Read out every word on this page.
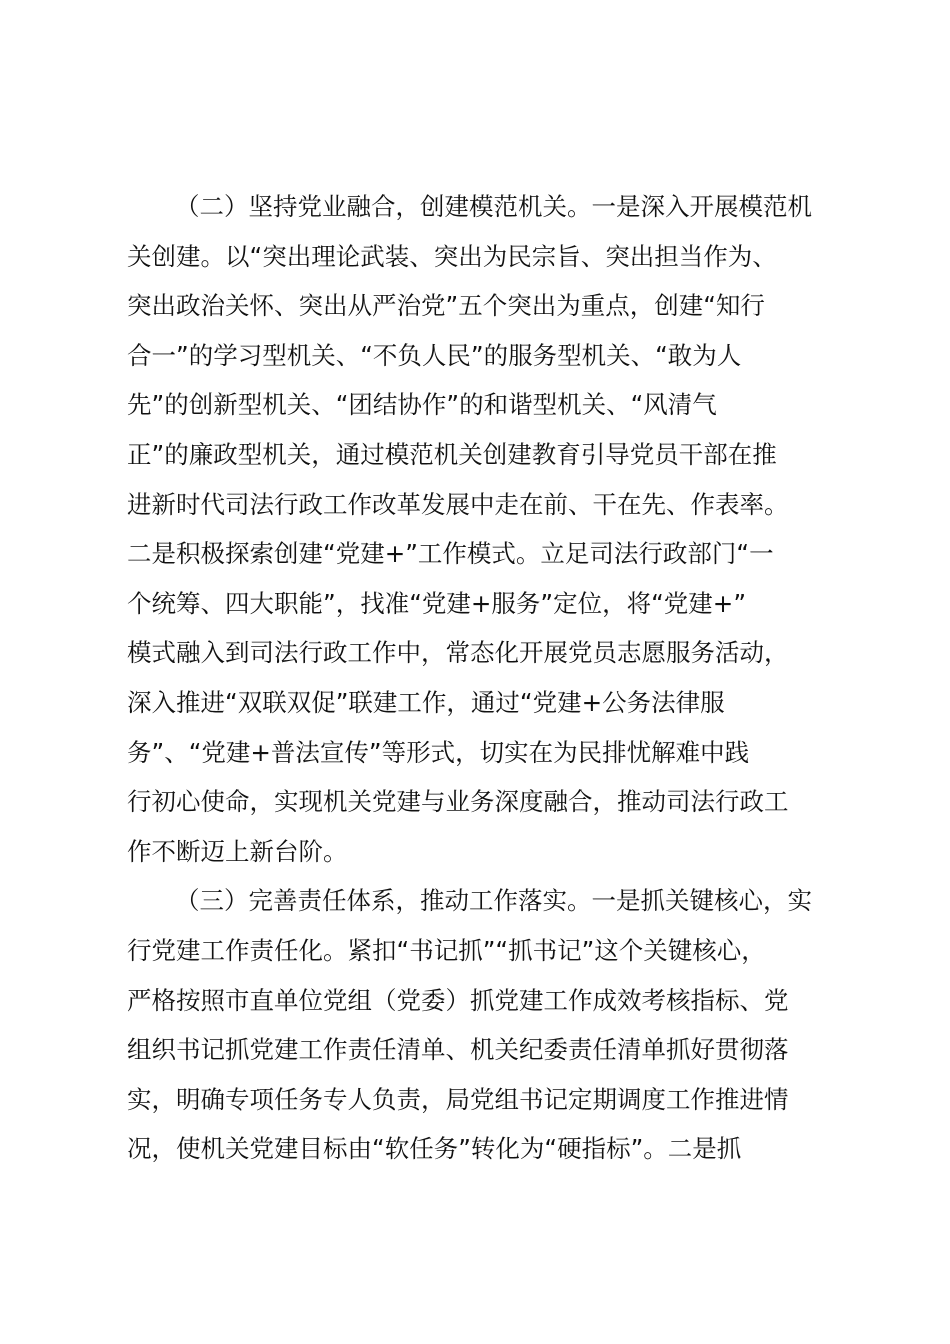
（二）坚持党业融合，创建模范机关。一是深入开展模范机
关创建。以“突出理论武装、突出为民宗旨、突出担当作为、
突出政治关怀、突出从严治党”五个突出为重点，创建“知行
合一”的学习型机关、“不负人民”的服务型机关、“敢为人
先”的创新型机关、“团结协作”的和谐型机关、“风清气
正”的廉政型机关，通过模范机关创建教育引导党员干部在推
进新时代司法行政工作改革发展中走在前、干在先、作表率。
二是积极探索创建“党建+”工作模式。立足司法行政部门“一
个统筹、四大职能”，找准“党建+服务”定位，将“党建+”
模式融入到司法行政工作中，常态化开展党员志愿服务活动，
深入推进“双联双促”联建工作，通过“党建+公务法律服
务”、“党建+普法宣传”等形式，切实在为民排忧解难中践
行初心使命，实现机关党建与业务深度融合，推动司法行政工
作不断迈上新台阶。
（三）完善责任体系，推动工作落实。一是抓关键核心，实
行党建工作责任化。紧扣“书记抓”“抓书记”这个关键核心，
严格按照市直单位党组（党委）抓党建工作成效考核指标、党
组织书记抓党建工作责任清单、机关纪委责任清单抓好贯彻落
实，明确专项任务专人负责，局党组书记定期调度工作推进情
况，使机关党建目标由“软任务”转化为“硬指标”。二是抓
